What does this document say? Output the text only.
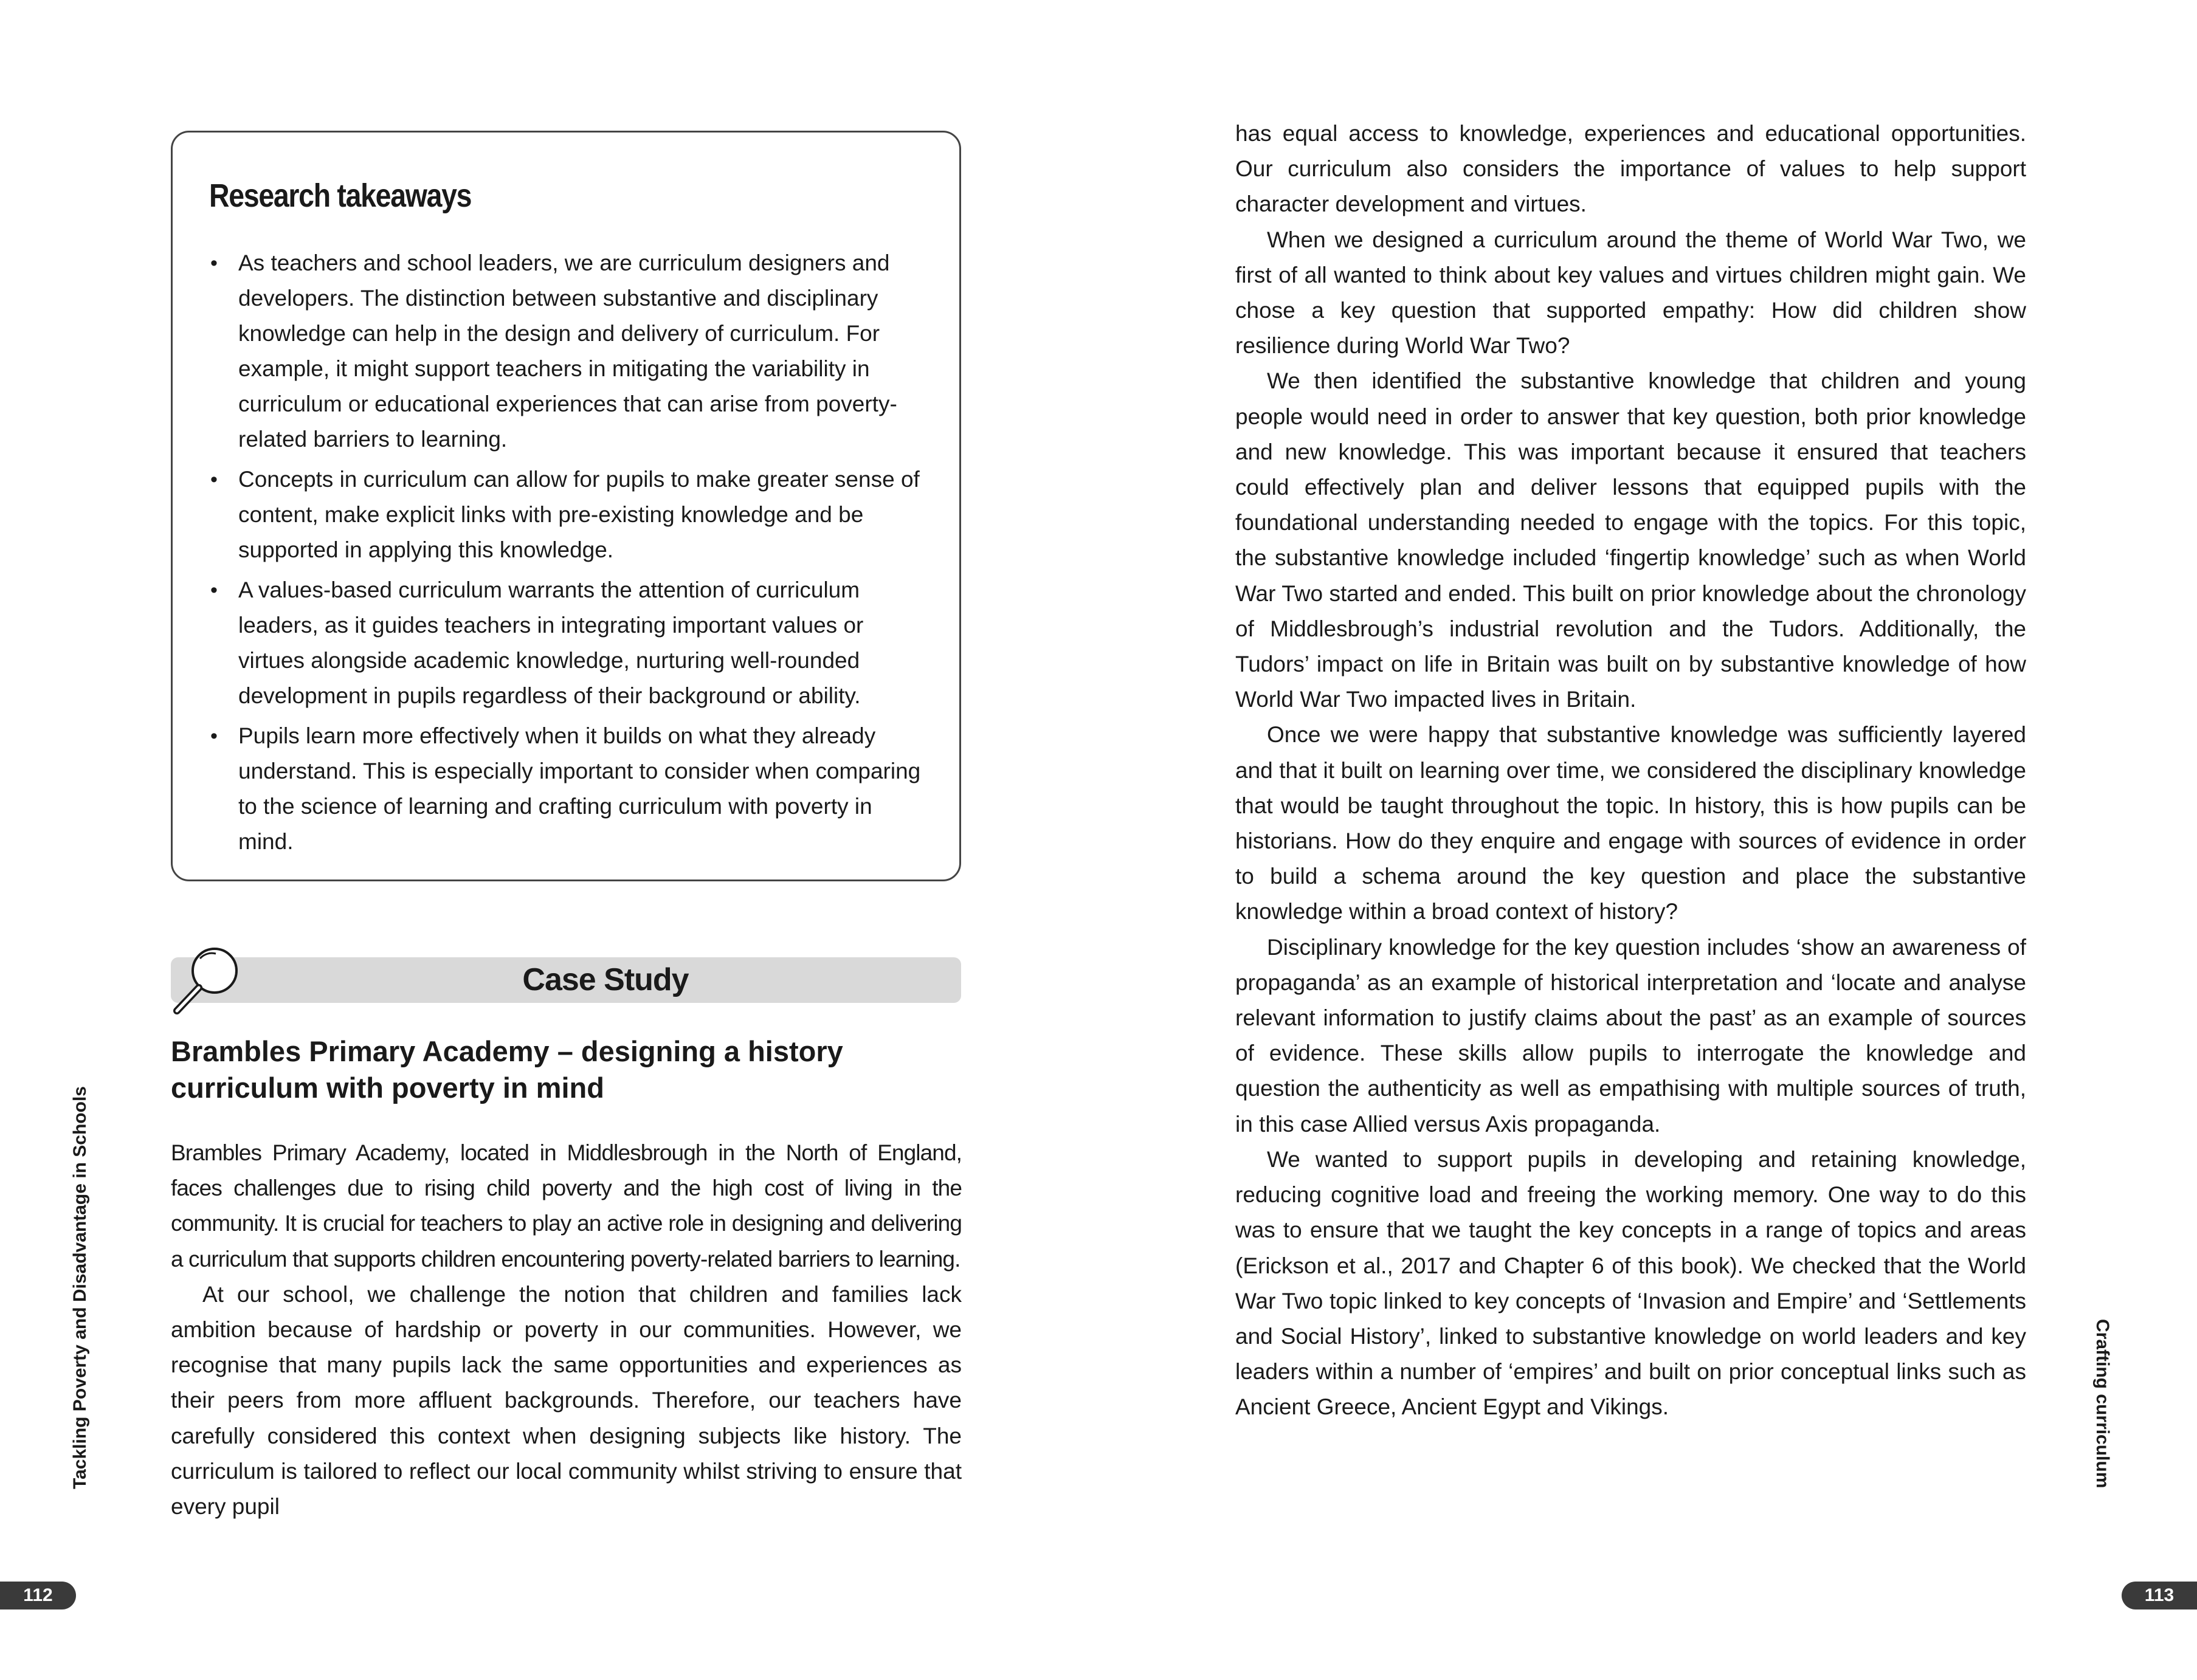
Research takeaways
• As teachers and school leaders, we are curriculum designers and developers. The distinction between substantive and disciplinary knowledge can help in the design and delivery of curriculum. For example, it might support teachers in mitigating the variability in curriculum or educational experiences that can arise from poverty-related barriers to learning.
• Concepts in curriculum can allow for pupils to make greater sense of content, make explicit links with pre-existing knowledge and be supported in applying this knowledge.
• A values-based curriculum warrants the attention of curriculum leaders, as it guides teachers in integrating important values or virtues alongside academic knowledge, nurturing well-rounded development in pupils regardless of their background or ability.
• Pupils learn more effectively when it builds on what they already understand. This is especially important to consider when comparing to the science of learning and crafting curriculum with poverty in mind.
Case Study
Brambles Primary Academy – designing a history curriculum with poverty in mind

Brambles Primary Academy, located in Middlesbrough in the North of England, faces challenges due to rising child poverty and the high cost of living in the community. It is crucial for teachers to play an active role in designing and delivering a curriculum that supports children encountering poverty-related barriers to learning.

At our school, we challenge the notion that children and families lack ambition because of hardship or poverty in our communities. However, we recognise that many pupils lack the same opportunities and experiences as their peers from more affluent backgrounds. Therefore, our teachers have carefully considered this context when designing subjects like history. The curriculum is tailored to reflect our local community whilst striving to ensure that every pupil

Tackling Poverty and Disadvantage in Schools
112

has equal access to knowledge, experiences and educational opportunities. Our curriculum also considers the importance of values to help support character development and virtues.

When we designed a curriculum around the theme of World War Two, we first of all wanted to think about key values and virtues children might gain. We chose a key question that supported empathy: How did children show resilience during World War Two?

We then identified the substantive knowledge that children and young people would need in order to answer that key question, both prior knowledge and new knowledge. This was important because it ensured that teachers could effectively plan and deliver lessons that equipped pupils with the foundational understanding needed to engage with the topics. For this topic, the substantive knowledge included ‘fingertip knowledge’ such as when World War Two started and ended. This built on prior knowledge about the chronology of Middlesbrough’s industrial revolution and the Tudors. Additionally, the Tudors’ impact on life in Britain was built on by substantive knowledge of how World War Two impacted lives in Britain.

Once we were happy that substantive knowledge was sufficiently layered and that it built on learning over time, we considered the disciplinary knowledge that would be taught throughout the topic. In history, this is how pupils can be historians. How do they enquire and engage with sources of evidence in order to build a schema around the key question and place the substantive knowledge within a broad context of history?

Disciplinary knowledge for the key question includes ‘show an awareness of propaganda’ as an example of historical interpretation and ‘locate and analyse relevant information to justify claims about the past’ as an example of sources of evidence. These skills allow pupils to interrogate the knowledge and question the authenticity as well as empathising with multiple sources of truth, in this case Allied versus Axis propaganda.

We wanted to support pupils in developing and retaining knowledge, reducing cognitive load and freeing the working memory. One way to do this was to ensure that we taught the key concepts in a range of topics and areas (Erickson et al., 2017 and Chapter 6 of this book). We checked that the World War Two topic linked to key concepts of ‘Invasion and Empire’ and ‘Settlements and Social History’, linked to substantive knowledge on world leaders and key leaders within a number of ‘empires’ and built on prior conceptual links such as Ancient Greece, Ancient Egypt and Vikings.	Crafting curriculum
113
